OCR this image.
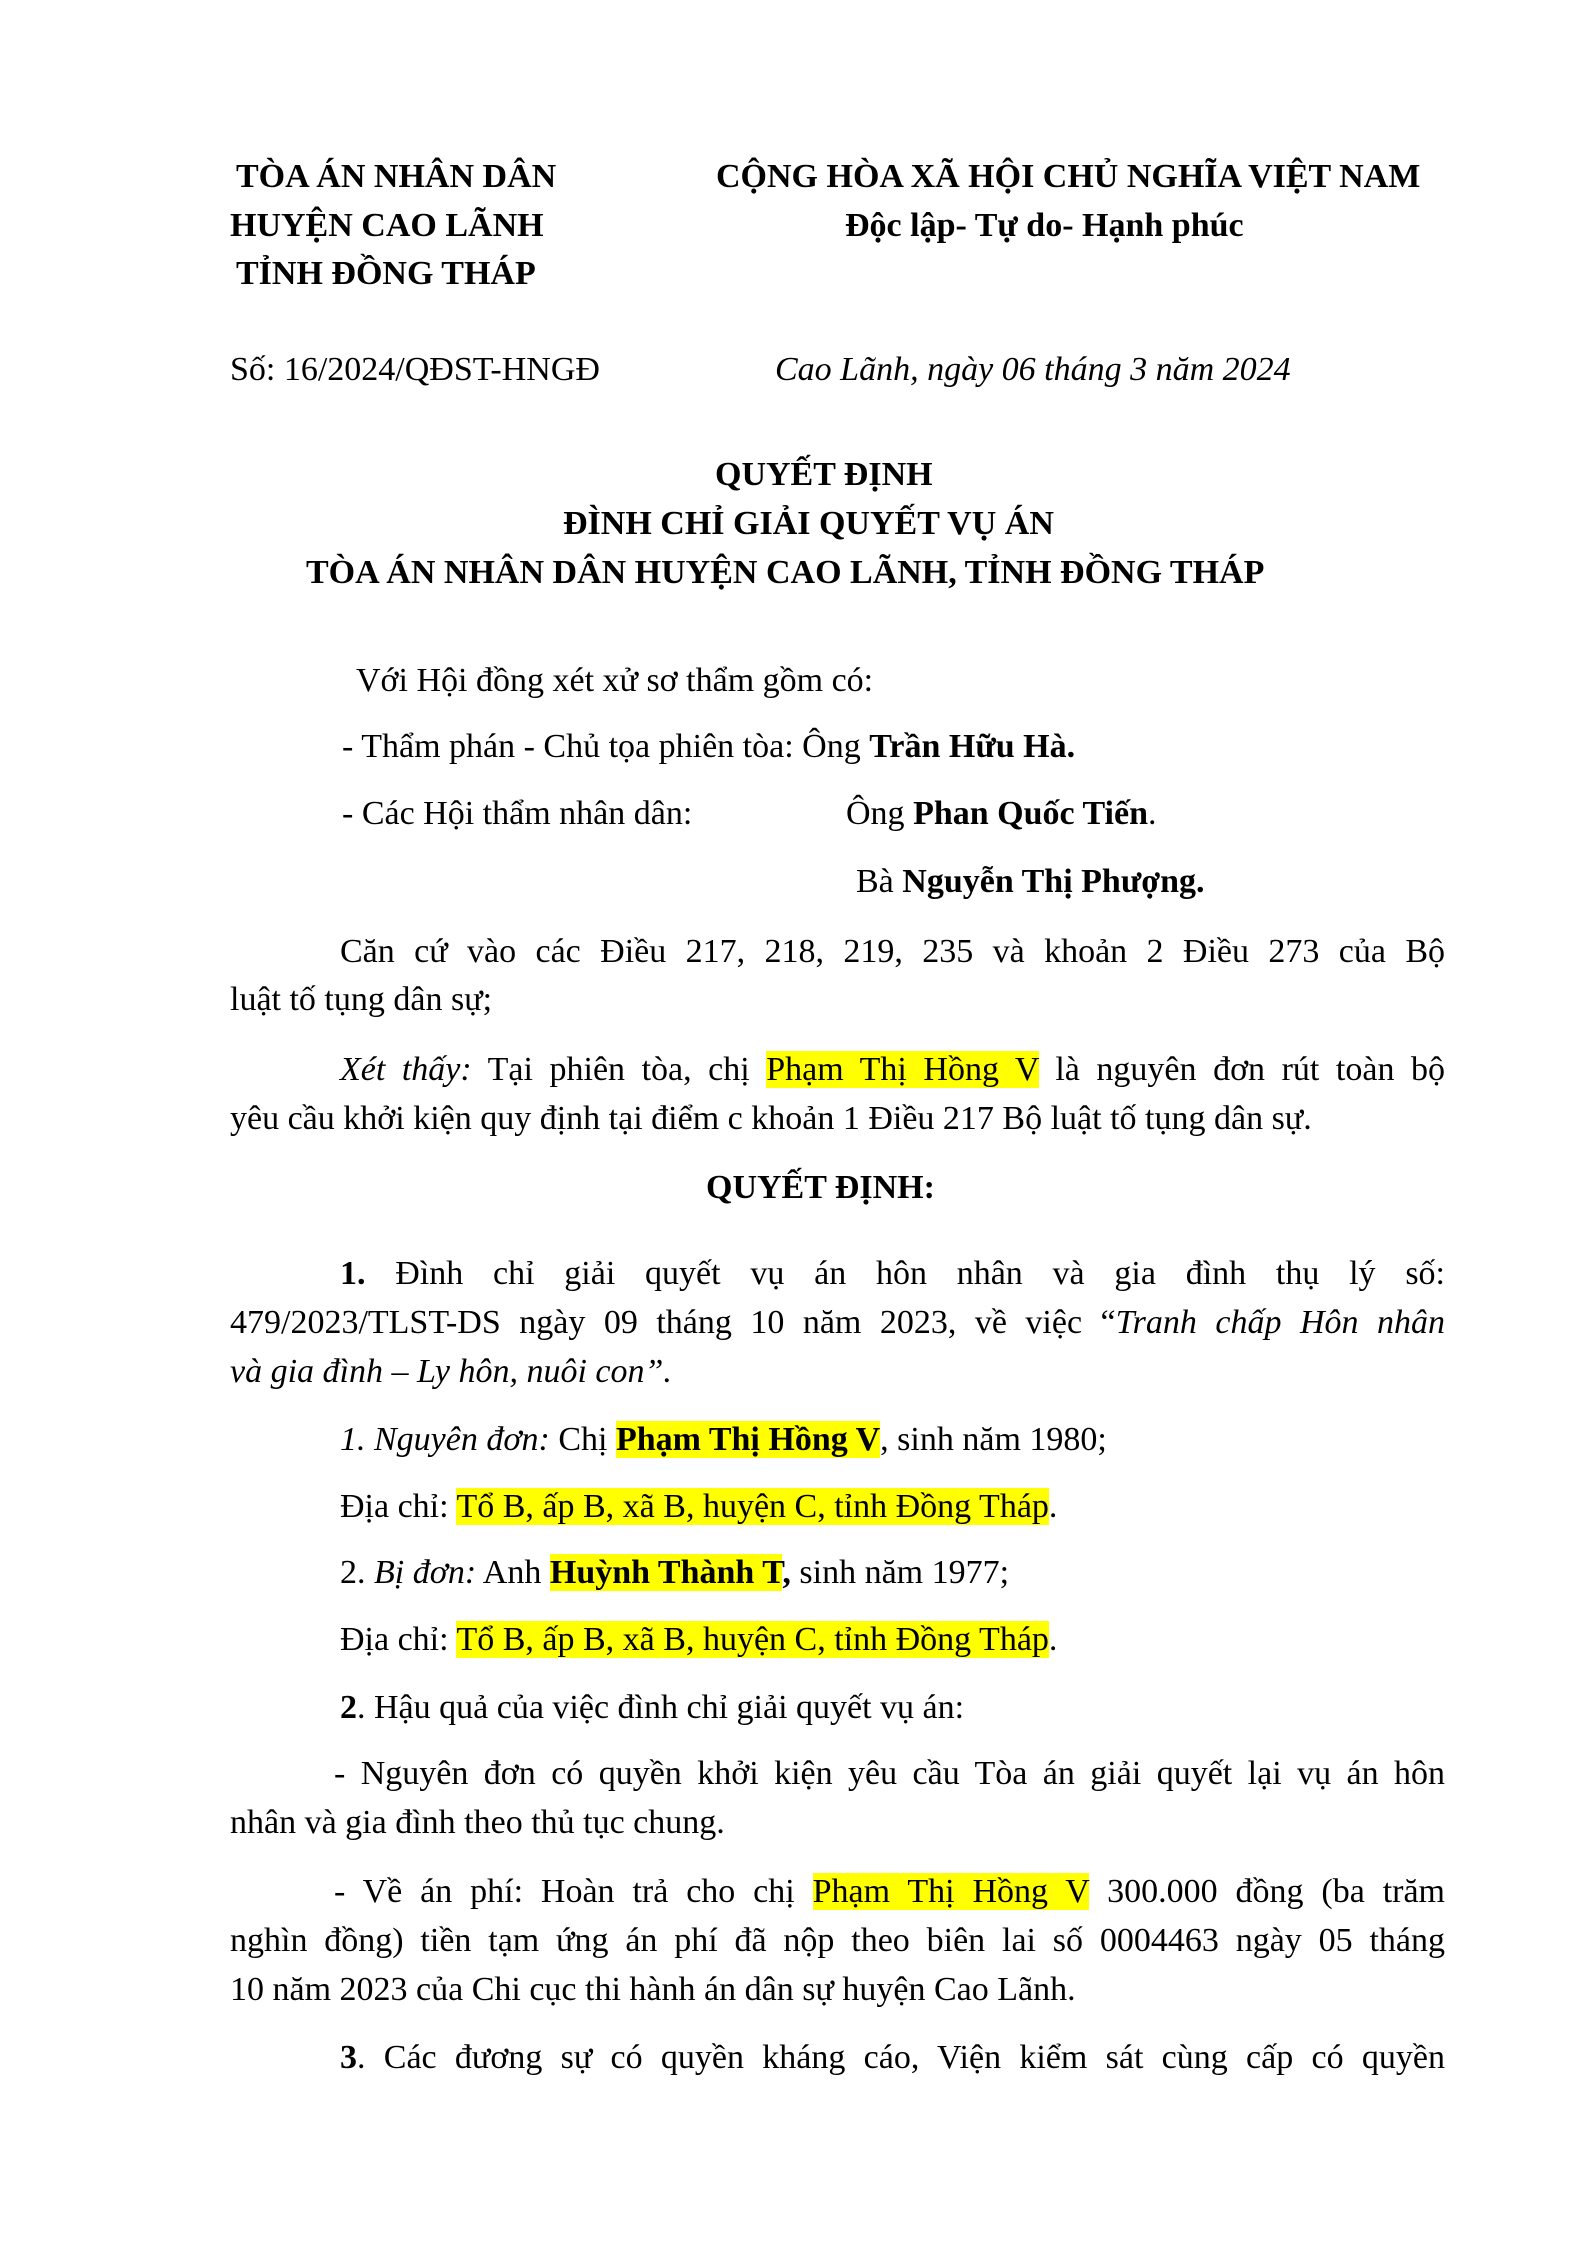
TÒA ÁN NHÂN DÂN
HUYỆN CAO LÃNH
TỈNH ĐỒNG THÁP
CỘNG HÒA XÃ HỘI CHỦ NGHĨA VIỆT NAM
Độc lập- Tự do- Hạnh phúc
Số: 16/2024/QĐST-HNGĐ	Cao Lãnh, ngày 06 tháng 3 năm 2024
QUYẾT ĐỊNH
ĐÌNH CHỈ GIẢI QUYẾT VỤ ÁN
TÒA ÁN NHÂN DÂN HUYỆN CAO LÃNH, TỈNH ĐỒNG THÁP
Với Hội đồng xét xử sơ thẩm gồm có:
- Thẩm phán - Chủ tọa phiên tòa: Ông Trần Hữu Hà.
- Các Hội thẩm nhân dân:	Ông Phan Quốc Tiến.
Bà Nguyễn Thị Phượng.
Căn cứ vào các Điều 217, 218, 219, 235 và khoản 2 Điều 273 của Bộ
luật tố tụng dân sự;
Xét thấy: Tại phiên tòa, chị Phạm Thị Hồng V là nguyên đơn rút toàn bộ
yêu cầu khởi kiện quy định tại điểm c khoản 1 Điều 217 Bộ luật tố tụng dân sự.
QUYẾT ĐỊNH:
1. Đình chỉ giải quyết vụ án hôn nhân và gia đình thụ lý số:
479/2023/TLST-DS ngày 09 tháng 10 năm 2023, về việc “Tranh chấp Hôn nhân
và gia đình – Ly hôn, nuôi con”.
1. Nguyên đơn: Chị Phạm Thị Hồng V, sinh năm 1980;
Địa chỉ: Tổ B, ấp B, xã B, huyện C, tỉnh Đồng Tháp.
2. Bị đơn: Anh Huỳnh Thành T, sinh năm 1977;
Địa chỉ: Tổ B, ấp B, xã B, huyện C, tỉnh Đồng Tháp.
2. Hậu quả của việc đình chỉ giải quyết vụ án:
- Nguyên đơn có quyền khởi kiện yêu cầu Tòa án giải quyết lại vụ án hôn
nhân và gia đình theo thủ tục chung.
- Về án phí: Hoàn trả cho chị Phạm Thị Hồng V 300.000 đồng (ba trăm
nghìn đồng) tiền tạm ứng án phí đã nộp theo biên lai số 0004463 ngày 05 tháng
10 năm 2023 của Chi cục thi hành án dân sự huyện Cao Lãnh.
3. Các đương sự có quyền kháng cáo, Viện kiểm sát cùng cấp có quyền
